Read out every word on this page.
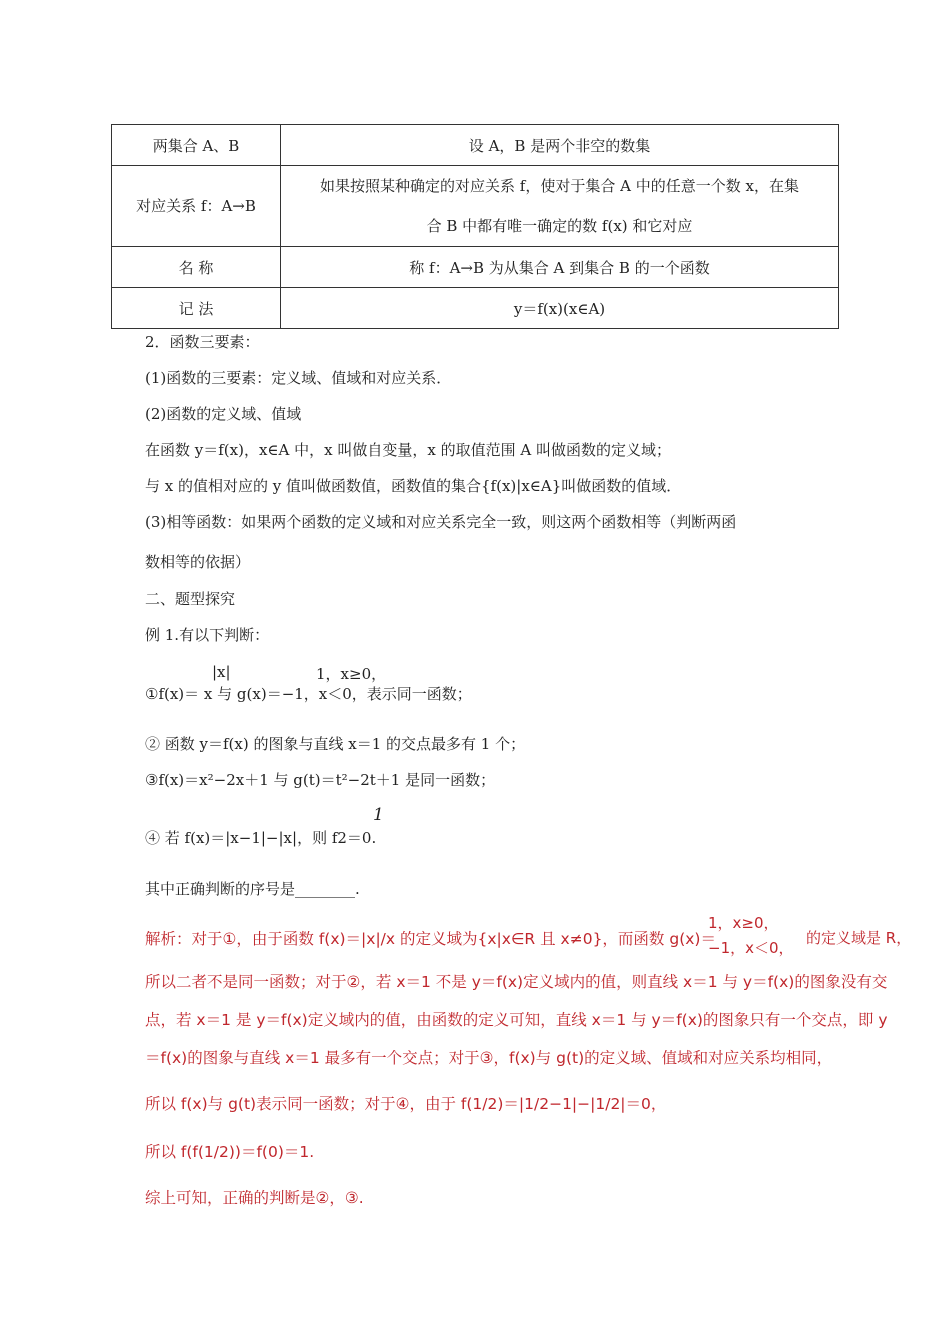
两集合 A、B	设 A，B 是两个非空的数集
对应关系 f：A→B	如果按照某种确定的对应关系 f，使对于集合 A 中的任意一个数 x，在集
合 B 中都有唯一确定的数 f(x) 和它对应

名 称	称 f：A→B 为从集合 A 到集合 B 的一个函数
记 法	y＝f(x)(x∈A)
2．函数三要素：
(1)函数的三要素：定义域、值域和对应关系．
(2)函数的定义域、值域
在函数 y＝f(x)，x∈A 中，x 叫做自变量，x 的取值范围 A 叫做函数的定义域；
与 x 的值相对应的 y 值叫做函数值，函数值的集合{f(x)|x∈A}叫做函数的值域．
(3)相等函数：如果两个函数的定义域和对应关系完全一致，则这两个函数相等（判断两函
数相等的依据）
二、题型探究
例 1.有以下判断：
|x|	1，x≥0，
①f(x)＝ x 与 g(x)＝−1，x＜0，表示同一函数；
② 函数 y＝f(x) 的图象与直线 x＝1 的交点最多有 1 个；
③f(x)＝x²−2x＋1 与 g(t)＝t²−2t＋1 是同一函数；
1
④ 若 f(x)＝|x−1|−|x|，则 f2＝0.
其中正确判断的序号是________.
解析：对于①，由于函数 f(x)＝|x|/x 的定义域为{x|x∈R 且 x≠0}，而函数 g(x)＝
1，x≥0，
−1，x＜0，
的定义域是 R，
所以二者不是同一函数；对于②，若 x＝1 不是 y＝f(x)定义域内的值，则直线 x＝1 与 y＝f(x)的图象没有交
点，若 x＝1 是 y＝f(x)定义域内的值，由函数的定义可知，直线 x＝1 与 y＝f(x)的图象只有一个交点，即 y
＝f(x)的图象与直线 x＝1 最多有一个交点；对于③，f(x)与 g(t)的定义域、值域和对应关系均相同，
所以 f(x)与 g(t)表示同一函数；对于④，由于 f(1/2)＝|1/2−1|−|1/2|＝0，
所以 f(f(1/2))＝f(0)＝1.
综上可知，正确的判断是②，③.
